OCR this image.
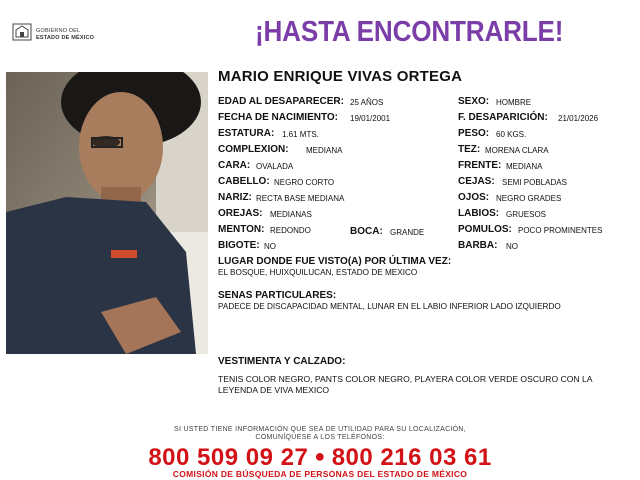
GOBIERNO DEL
ESTADO DE MÉXICO	¡HASTA ENCONTRARLE!
MARIO ENRIQUE VIVAS ORTEGA
EDAD AL DESAPARECER: 25 AÑOS
FECHA DE NACIMIENTO: 19/01/2001
ESTATURA: 1.61 MTS.
COMPLEXION: MEDIANA
CARA: OVALADA
CABELLO: NEGRO CORTO
NARIZ: RECTA BASE MEDIANA
OREJAS: MEDIANAS
MENTON: REDONDO	BOCA: GRANDE
BIGOTE: NO
SEXO: HOMBRE
F. DESAPARICIÓN: 21/01/2026
PESO: 60 KGS.
TEZ: MORENA CLARA
FRENTE: MEDIANA
CEJAS: SEMI POBLADAS
OJOS: NEGRO GRADES
LABIOS: GRUESOS
POMULOS: POCO PROMINENTES
BARBA: NO
LUGAR DONDE FUE VISTO(A) POR ÚLTIMA VEZ:
EL BOSQUE, HUIXQUILUCAN, ESTADO DE MEXICO
SENAS PARTICULARES:
PADECE DE DISCAPACIDAD MENTAL, LUNAR EN EL LABIO INFERIOR LADO IZQUIERDO
VESTIMENTA Y CALZADO:
TENIS COLOR NEGRO, PANTS COLOR NEGRO, PLAYERA COLOR VERDE OSCURO CON LA LEYENDA DE VIVA MEXICO
SI USTED TIENE INFORMACIÓN QUE SEA DE UTILIDAD PARA SU LOCALIZACIÓN,
COMUNÍQUESE A LOS TELÉFONOS:
800 509 09 27 ● 800 216 03 61
COMISIÓN DE BÚSQUEDA DE PERSONAS DEL ESTADO DE MÉXICO
